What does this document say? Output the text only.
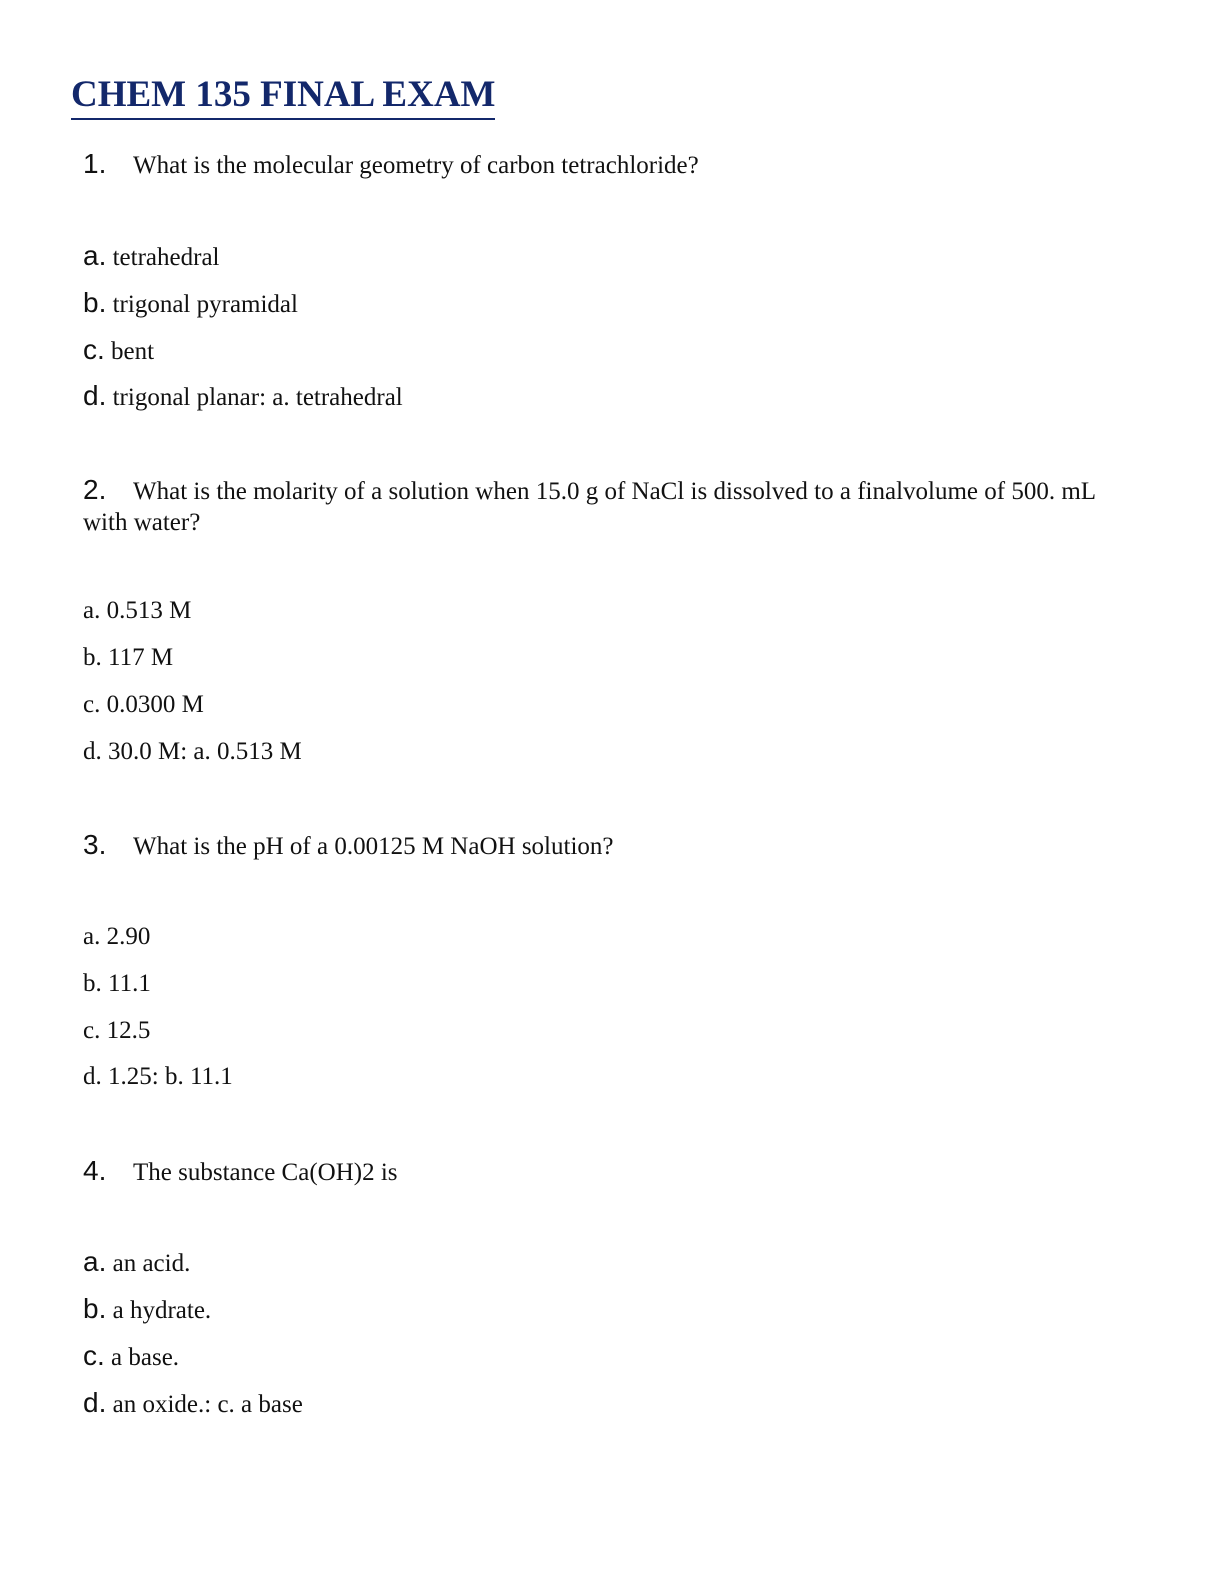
CHEM 135 FINAL EXAM
1. What is the molecular geometry of carbon tetrachloride?
a. tetrahedral
b. trigonal pyramidal
c. bent
d. trigonal planar: a. tetrahedral
2. What is the molarity of a solution when 15.0 g of NaCl is dissolved to a finalvolume of 500. mL with water?
a. 0.513 M
b. 117 M
c. 0.0300 M
d. 30.0 M: a. 0.513 M
3. What is the pH of a 0.00125 M NaOH solution?
a. 2.90
b. 11.1
c. 12.5
d. 1.25: b. 11.1
4. The substance Ca(OH)2 is
a. an acid.
b. a hydrate.
c. a base.
d. an oxide.: c. a base
